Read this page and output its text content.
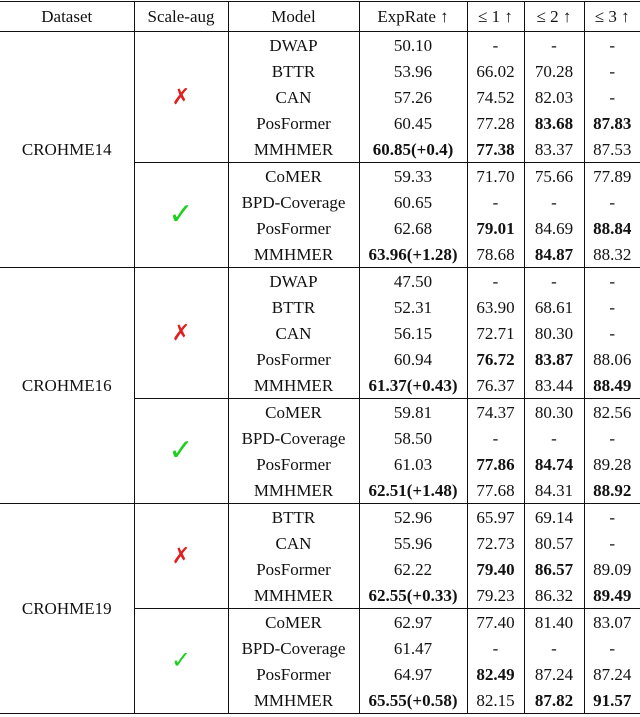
Dataset	Scale-aug	Model	ExpRate ↑	≤ 1 ↑	≤ 2 ↑	≤ 3 ↑
CROHME14	✗	DWAP	50.10	-	-	-
		BTTR	53.96	66.02	70.28	-
		CAN	57.26	74.52	82.03	-
		PosFormer	60.45	77.28	83.68	87.83
		MMHMER	60.85(+0.4)	77.38	83.37	87.53
	✓	CoMER	59.33	71.70	75.66	77.89
		BPD-Coverage	60.65	-	-	-
		PosFormer	62.68	79.01	84.69	88.84
		MMHMER	63.96(+1.28)	78.68	84.87	88.32
CROHME16	✗	DWAP	47.50	-	-	-
		BTTR	52.31	63.90	68.61	-
		CAN	56.15	72.71	80.30	-
		PosFormer	60.94	76.72	83.87	88.06
		MMHMER	61.37(+0.43)	76.37	83.44	88.49
	✓	CoMER	59.81	74.37	80.30	82.56
		BPD-Coverage	58.50	-	-	-
		PosFormer	61.03	77.86	84.74	89.28
		MMHMER	62.51(+1.48)	77.68	84.31	88.92
CROHME19	✗	BTTR	52.96	65.97	69.14	-
		CAN	55.96	72.73	80.57	-
		PosFormer	62.22	79.40	86.57	89.09
		MMHMER	62.55(+0.33)	79.23	86.32	89.49
	✓	CoMER	62.97	77.40	81.40	83.07
		BPD-Coverage	61.47	-	-	-
		PosFormer	64.97	82.49	87.24	87.24
		MMHMER	65.55(+0.58)	82.15	87.82	91.57
